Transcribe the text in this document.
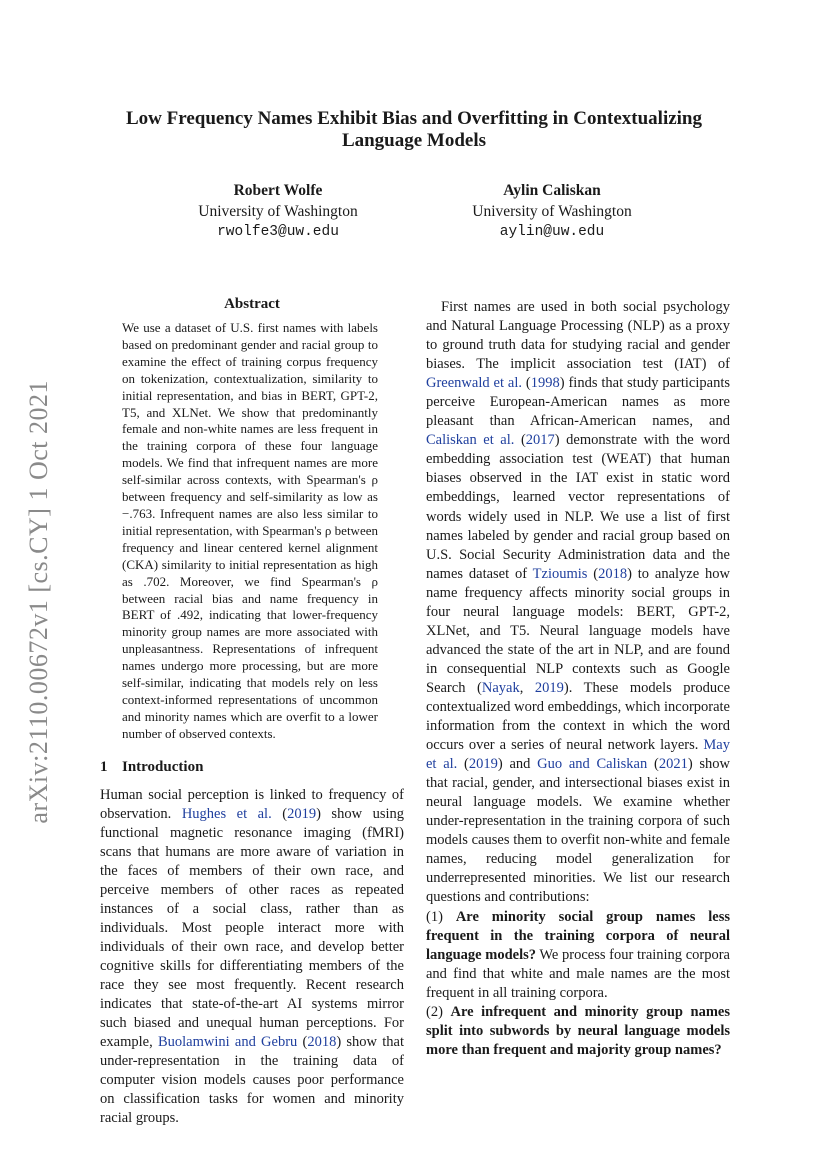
arXiv:2110.00672v1 [cs.CY] 1 Oct 2021
Low Frequency Names Exhibit Bias and Overfitting in Contextualizing Language Models
Robert Wolfe
University of Washington
rwolfe3@uw.edu
Aylin Caliskan
University of Washington
aylin@uw.edu
Abstract

We use a dataset of U.S. first names with labels based on predominant gender and racial group to examine the effect of training corpus frequency on tokenization, contextualization, similarity to initial representation, and bias in BERT, GPT-2, T5, and XLNet. We show that predominantly female and non-white names are less frequent in the training corpora of these four language models. We find that infrequent names are more self-similar across contexts, with Spearman's ρ between frequency and self-similarity as low as −.763. Infrequent names are also less similar to initial representation, with Spearman's ρ between frequency and linear centered kernel alignment (CKA) similarity to initial representation as high as .702. Moreover, we find Spearman's ρ between racial bias and name frequency in BERT of .492, indicating that lower-frequency minority group names are more associated with unpleasantness. Representations of infrequent names undergo more processing, but are more self-similar, indicating that models rely on less context-informed representations of uncommon and minority names which are overfit to a lower number of observed contexts.

1 Introduction

Human social perception is linked to frequency of observation. Hughes et al. (2019) show using functional magnetic resonance imaging (fMRI) scans that humans are more aware of variation in the faces of members of their own race, and perceive members of other races as repeated instances of a social class, rather than as individuals. Most people interact more with individuals of their own race, and develop better cognitive skills for differentiating members of the race they see most frequently. Recent research indicates that state-of-the-art AI systems mirror such biased and unequal human perceptions. For example, Buolamwini and Gebru (2018) show that under-representation in the training data of computer vision models causes poor performance on classification tasks for women and minority racial groups.

First names are used in both social psychology and Natural Language Processing (NLP) as a proxy to ground truth data for studying racial and gender biases. The implicit association test (IAT) of Greenwald et al. (1998) finds that study participants perceive European-American names as more pleasant than African-American names, and Caliskan et al. (2017) demonstrate with the word embedding association test (WEAT) that human biases observed in the IAT exist in static word embeddings, learned vector representations of words widely used in NLP. We use a list of first names labeled by gender and racial group based on U.S. Social Security Administration data and the names dataset of Tzioumis (2018) to analyze how name frequency affects minority social groups in four neural language models: BERT, GPT-2, XLNet, and T5. Neural language models have advanced the state of the art in NLP, and are found in consequential NLP contexts such as Google Search (Nayak, 2019). These models produce contextualized word embeddings, which incorporate information from the context in which the word occurs over a series of neural network layers. May et al. (2019) and Guo and Caliskan (2021) show that racial, gender, and intersectional biases exist in neural language models. We examine whether under-representation in the training corpora of such models causes them to overfit non-white and female names, reducing model generalization for underrepresented minorities. We list our research questions and contributions:

(1) Are minority social group names less frequent in the training corpora of neural language models? We process four training corpora and find that white and male names are the most frequent in all training corpora.

(2) Are infrequent and minority group names split into subwords by neural language models more than frequent and majority group names?
